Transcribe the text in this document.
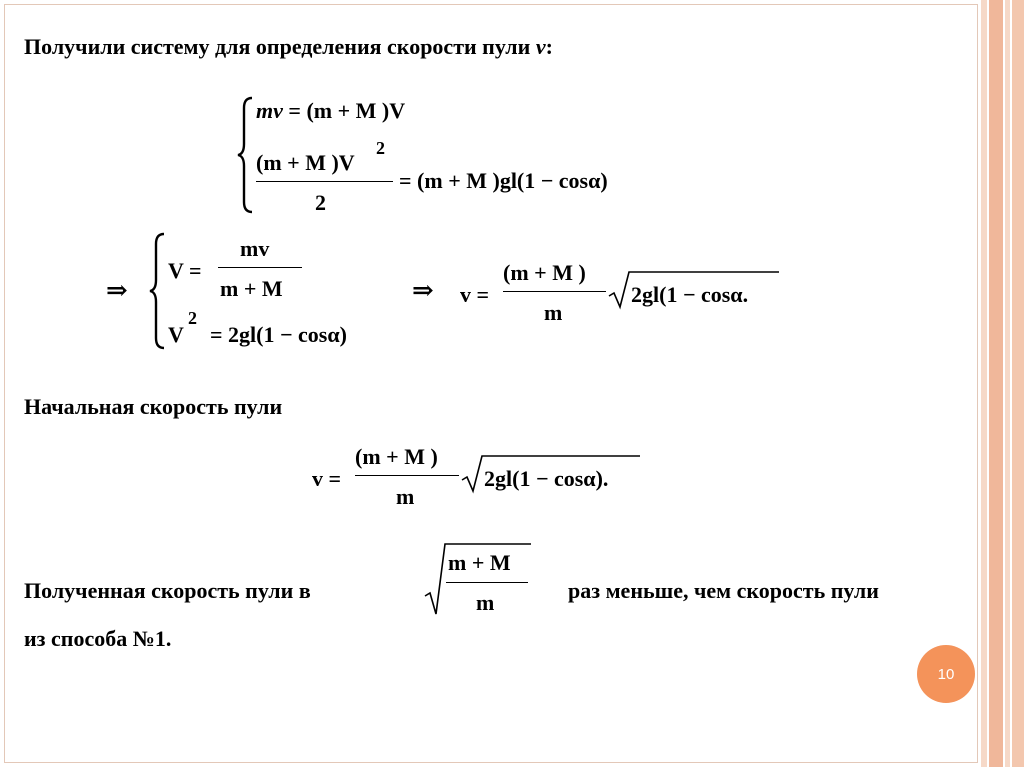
Получили систему для определения скорости пули v:
mv = (m + M )V
(m + M )V
2
2
= (m + M )gl(1 − cosα)
⇒
V =
mv
m + M
V
2
= 2gl(1 − cosα)
⇒ v =
(m + M )
m
2gl(1 − cosα.
Начальная скорость пули
v =
(m + M )
m
2gl(1 − cosα).
Полученная скорость пули в
m + M
m	раз меньше, чем скорость пули
из способа №1.
10
